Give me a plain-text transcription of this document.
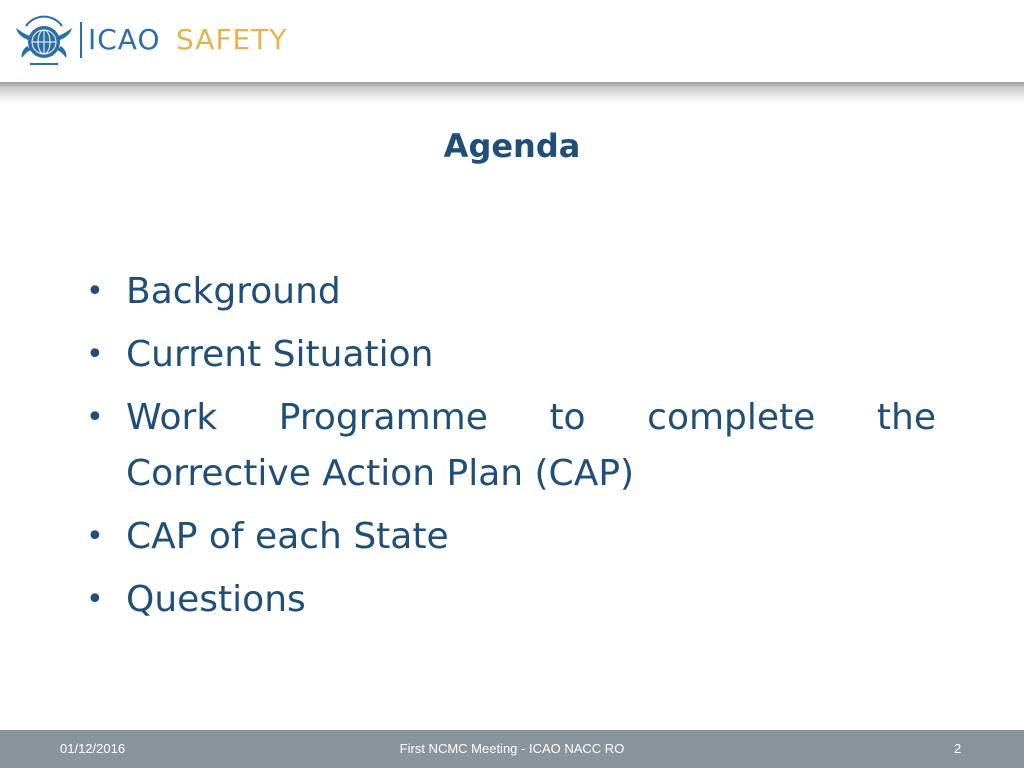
ICAO SAFETY
Agenda
• Background
• Current Situation
• Work Programme to complete the
Corrective Action Plan (CAP)
• CAP of each State
• Questions
01/12/2016	First NCMC Meeting - ICAO NACC RO	2
